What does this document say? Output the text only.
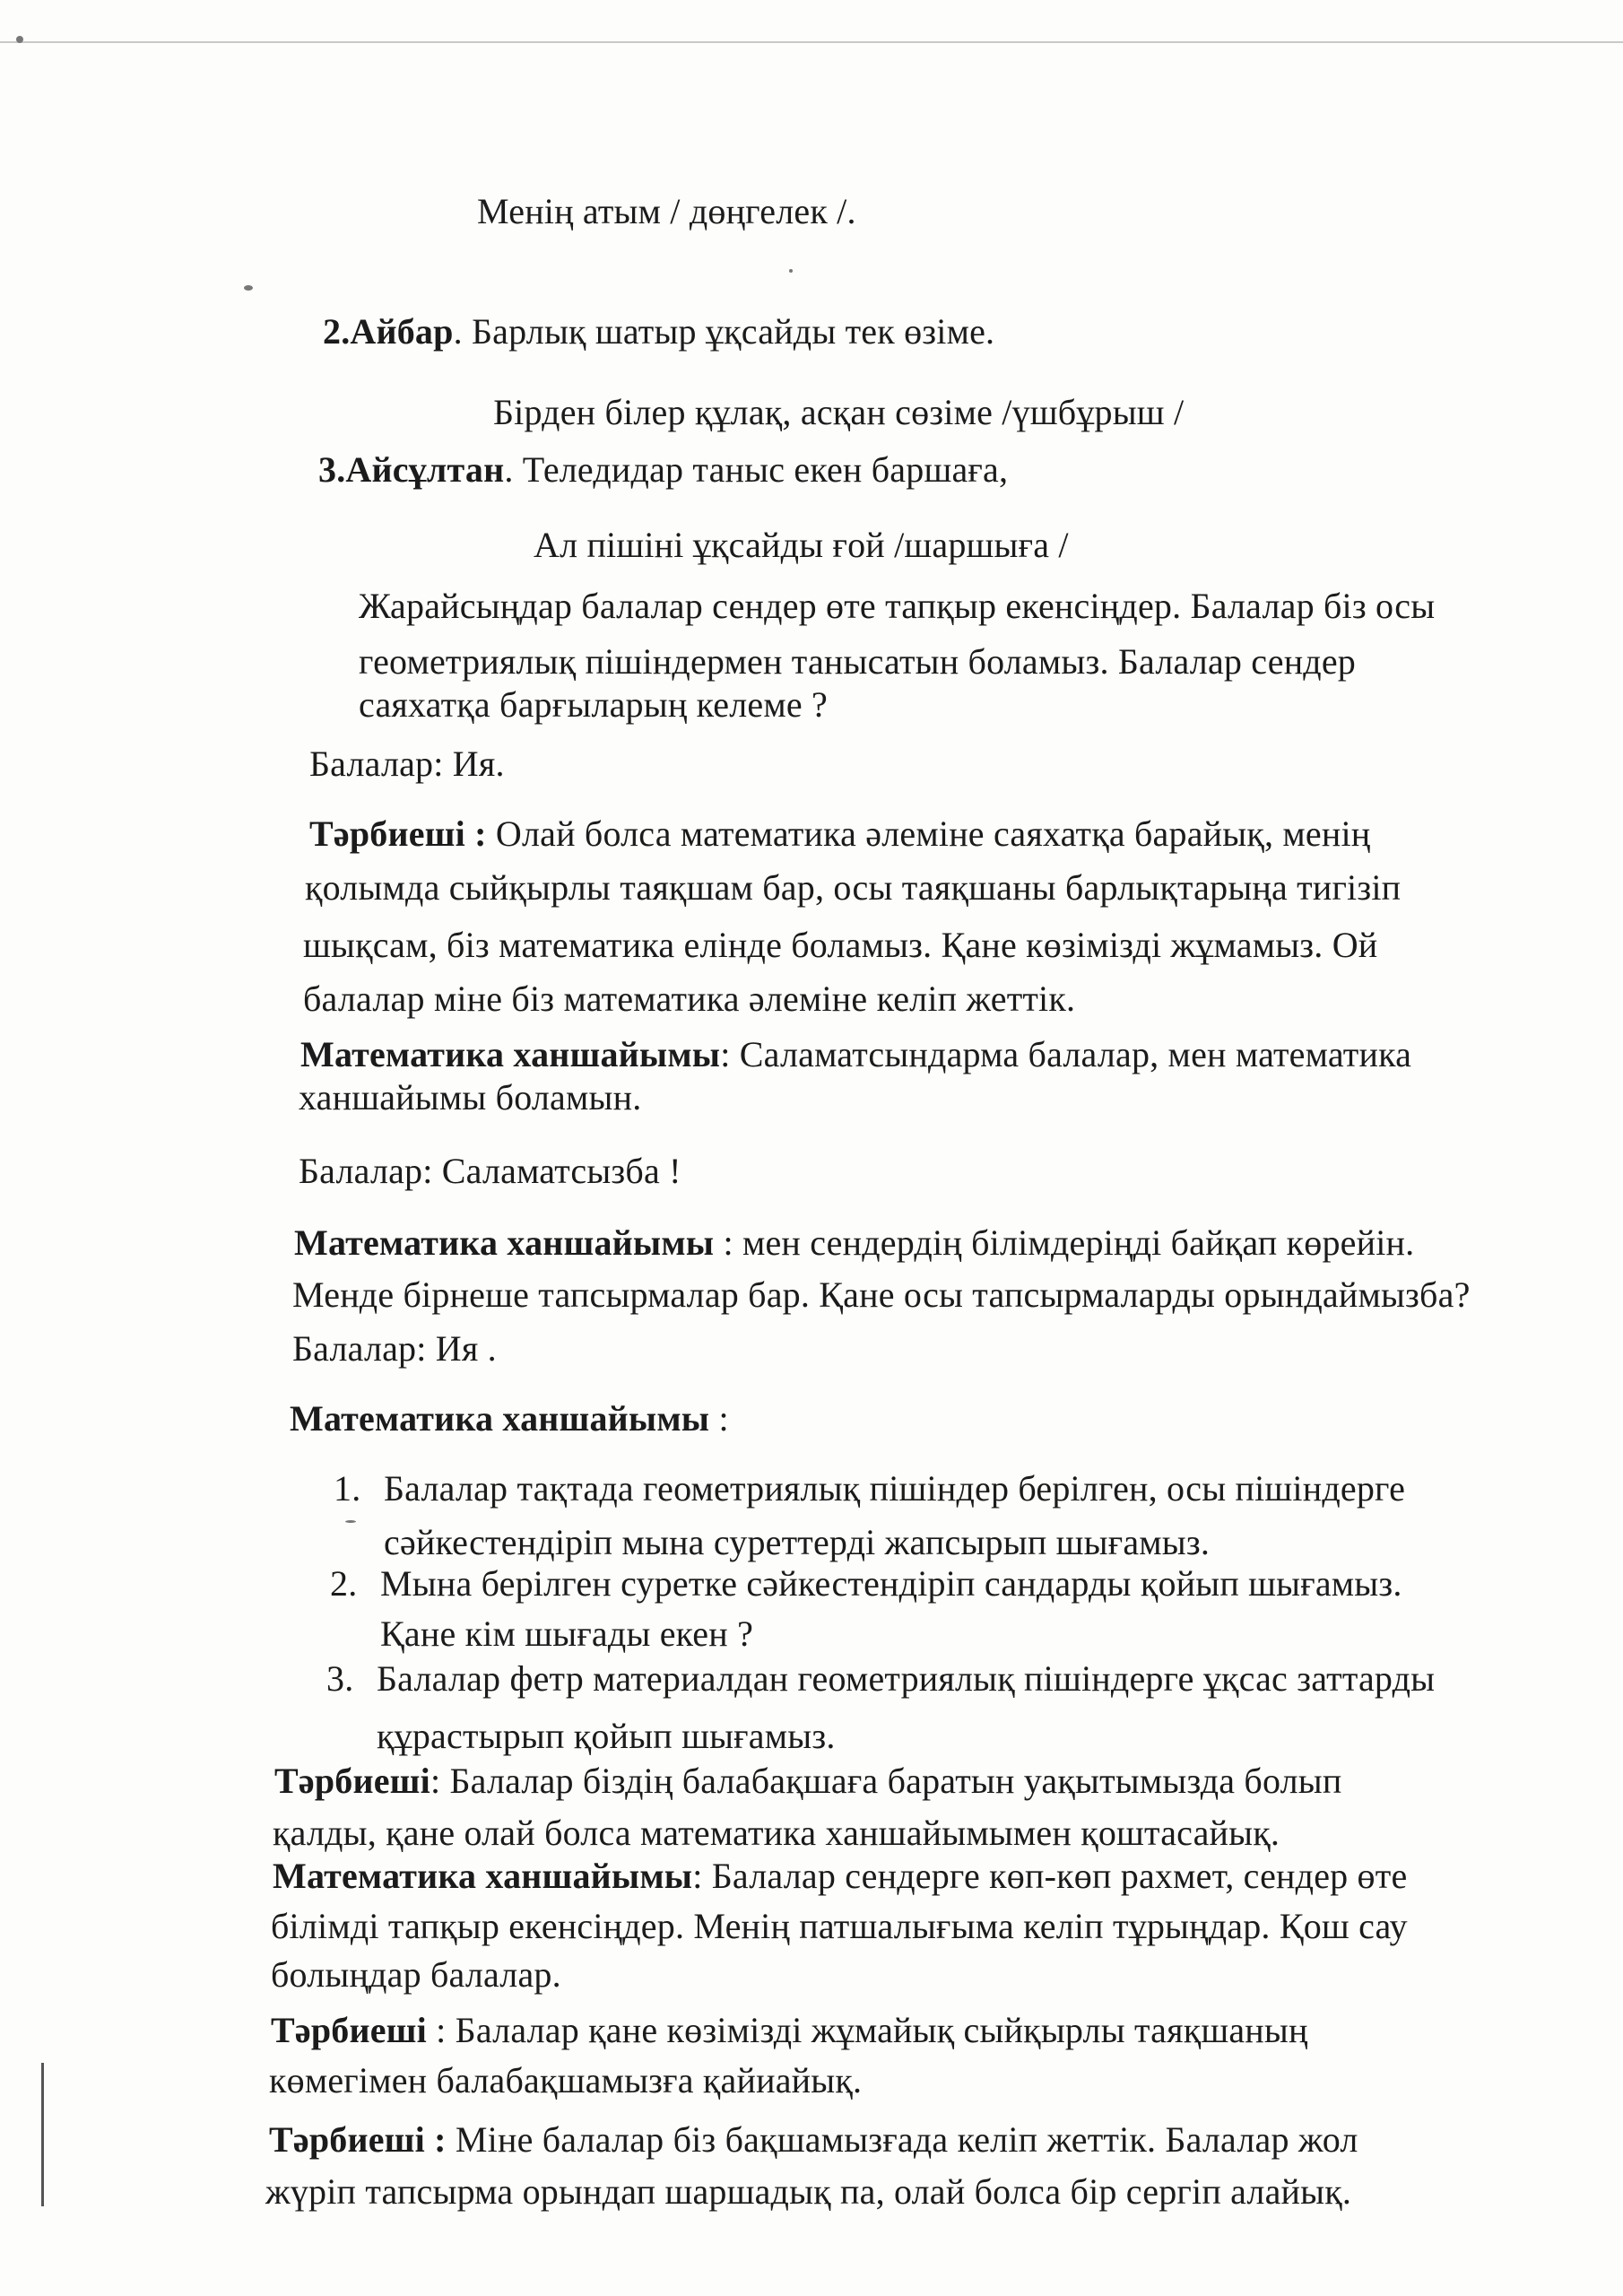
Менің атым / дөңгелек /.
2.Айбар. Барлық шатыр ұқсайды тек өзіме.
Бірден білер құлақ, асқан сөзіме /үшбұрыш /
3.Айсұлтан. Теледидар таныс екен баршаға,
Ал пішіні ұқсайды ғой /шаршыға /
Жарайсыңдар балалар сендер өте тапқыр екенсіңдер. Балалар біз осы
геометриялық пішіндермен танысатын боламыз. Балалар сендер
саяхатқа барғыларың келеме ?
Балалар: Ия.
Тәрбиеші : Олай болса математика әлеміне саяхатқа барайық, менің
қолымда сыйқырлы таяқшам бар, осы таяқшаны барлықтарыңа тигізіп
шықсам, біз математика елінде боламыз. Қане көзімізді жұмамыз. Ой
балалар міне біз математика әлеміне келіп жеттік.
Математика ханшайымы: Саламатсындарма балалар, мен математика
ханшайымы боламын.
Балалар: Саламатсызба !
Математика ханшайымы : мен сендердің білімдеріңді байқап көрейін.
Менде бірнеше тапсырмалар бар. Қане осы тапсырмаларды орындаймызба?
Балалар: Ия .
Математика ханшайымы :
1. Балалар тақтада геометриялық пішіндер берілген, осы пішіндерге
сәйкестендіріп мына суреттерді жапсырып шығамыз.
2. Мына берілген суретке сәйкестендіріп сандарды қойып шығамыз.
Қане кім шығады екен ?
3. Балалар фетр материалдан геометриялық пішіндерге ұқсас заттарды
құрастырып қойып шығамыз.
Тәрбиеші: Балалар біздің балабақшаға баратын уақытымызда болып
қалды, қане олай болса математика ханшайымымен қоштасайық.
Математика ханшайымы: Балалар сендерге көп-көп рахмет, сендер өте
білімді тапқыр екенсіңдер. Менің патшалығыма келіп тұрыңдар. Қош сау
болыңдар балалар.
Тәрбиеші : Балалар қане көзімізді жұмайық сыйқырлы таяқшаның
көмегімен балабақшамызға қайиайық.
Тәрбиеші : Міне балалар біз бақшамызғада келіп жеттік. Балалар жол
жүріп тапсырма орындап шаршадық па, олай болса бір сергіп алайық.
